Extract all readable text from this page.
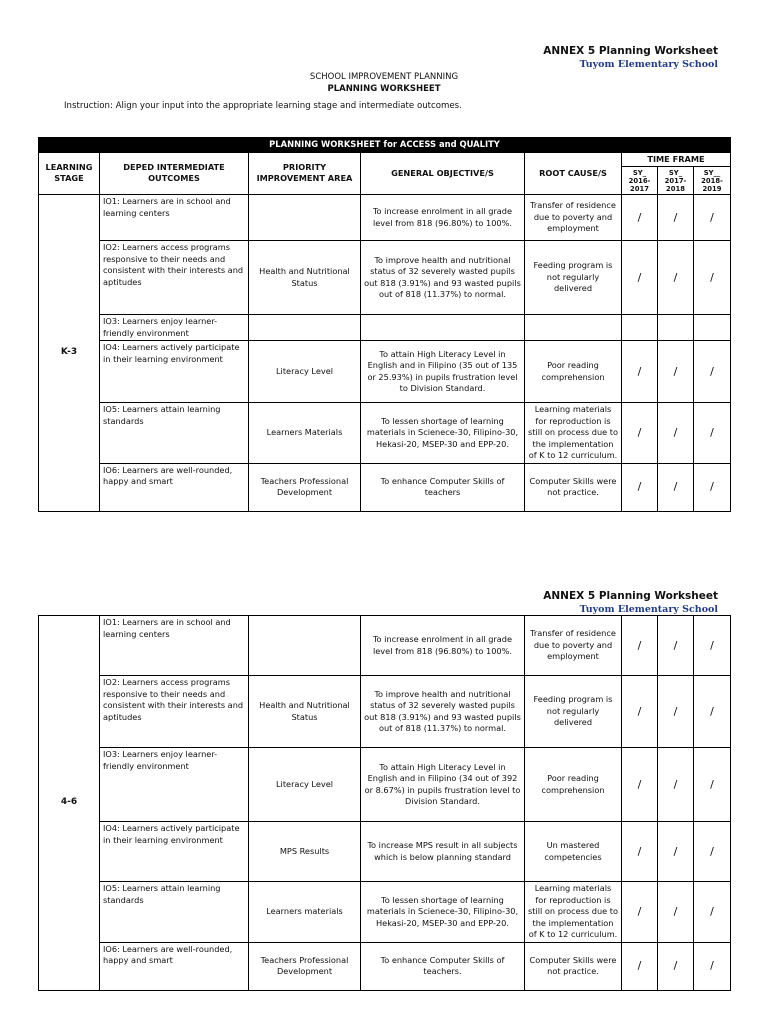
ANNEX 5 Planning Worksheet
Tuyom Elementary School
SCHOOL IMPROVEMENT PLANNING
PLANNING WORKSHEET
Instruction: Align your input into the appropriate learning stage and intermediate outcomes.
PLANNING WORKSHEET for ACCESS and QUALITY							
LEARNING STAGE	DEPED INTERMEDIATE OUTCOMES	PRIORITY IMPROVEMENT AREA	GENERAL OBJECTIVE/S	ROOT CAUSE/S	TIME FRAME		
					SY_ 2016-2017	SY_ 2017-2018	SY__ 2018-2019
K-3	IO1: Learners are in school and learning centers		To increase enrolment in all grade level from 818 (96.80%) to 100%.	Transfer of residence due to poverty and employment	/	/	/
	IO2: Learners access programs responsive to their needs and consistent with their interests and aptitudes	Health and Nutritional Status	To improve health and nutritional status of 32 severely wasted pupils out 818 (3.91%) and 93 wasted pupils out of 818 (11.37%) to normal.	Feeding program is not regularly delivered	/	/	/
	IO3: Learners enjoy learner-friendly environment						
	IO4: Learners actively participate in their learning environment	Literacy Level	To attain High Literacy Level in English and in Filipino (35 out of 135 or 25.93%) in pupils frustration level to Division Standard.	Poor reading comprehension	/	/	/
	IO5: Learners attain learning standards	Learners Materials	To lessen shortage of learning materials in Scienece-30, Filipino-30, Hekasi-20, MSEP-30 and EPP-20.	Learning materials for reproduction is still on process due to the implementation of K to 12 curriculum.	/	/	/
	IO6: Learners are well-rounded, happy and smart	Teachers Professional Development	To enhance Computer Skills of teachers	Computer Skills were not practice.	/	/	/
ANNEX 5 Planning Worksheet
Tuyom Elementary School
4-6	IO1: Learners are in school and learning centers		To increase enrolment in all grade level from 818 (96.80%) to 100%.	Transfer of residence due to poverty and employment	/	/	/
	IO2: Learners access programs responsive to their needs and consistent with their interests and aptitudes	Health and Nutritional Status	To improve health and nutritional status of 32 severely wasted pupils out 818 (3.91%) and 93 wasted pupils out of 818 (11.37%) to normal.	Feeding program is not regularly delivered	/	/	/
	IO3: Learners enjoy learner-friendly environment	Literacy Level	To attain High Literacy Level in English and in Filipino (34 out of 392 or 8.67%) in pupils frustration level to Division Standard.	Poor reading comprehension	/	/	/
	IO4: Learners actively participate in their learning environment	MPS Results	To increase MPS result in all subjects which is below planning standard	Un mastered competencies	/	/	/
	IO5: Learners attain learning standards	Learners materials	To lessen shortage of learning materials in Scienece-30, Filipino-30, Hekasi-20, MSEP-30 and EPP-20.	Learning materials for reproduction is still on process due to the implementation of K to 12 curriculum.	/	/	/
	IO6: Learners are well-rounded, happy and smart	Teachers Professional Development	To enhance Computer Skills of teachers.	Computer Skills were not practice.	/	/	/
